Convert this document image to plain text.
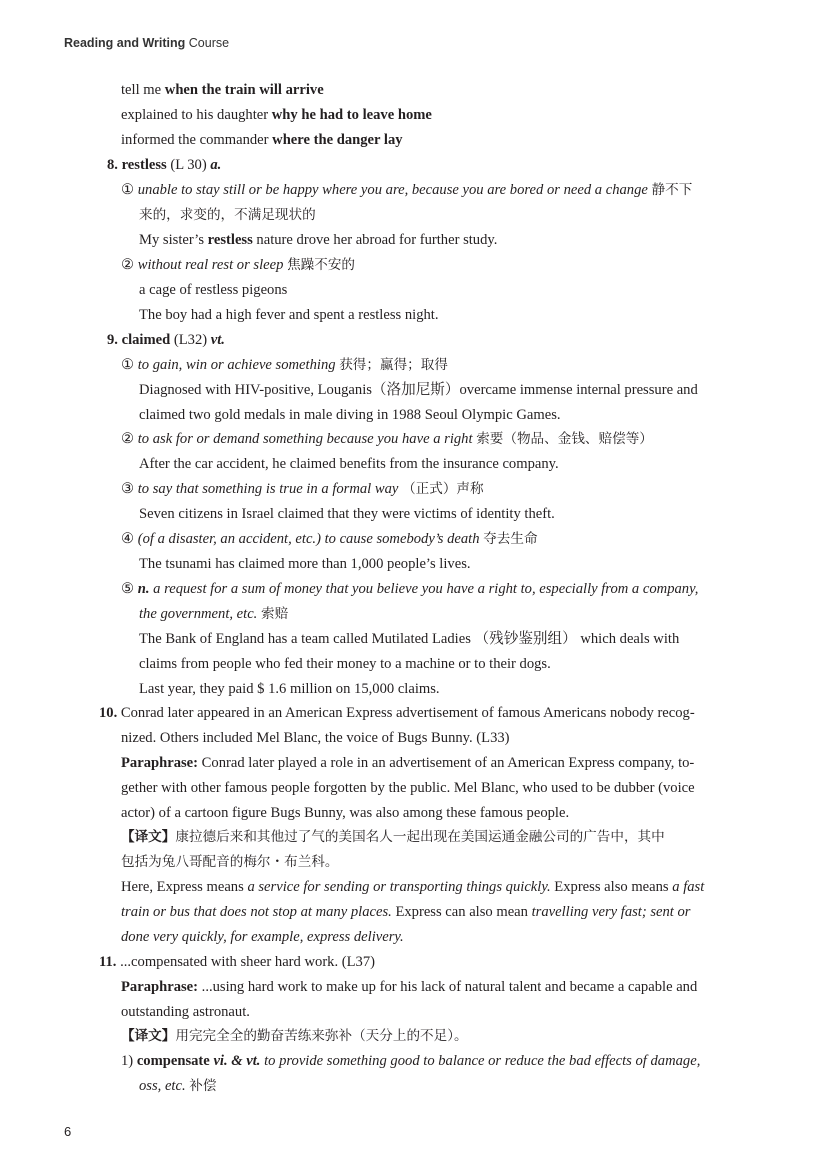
Reading and Writing Course
tell me when the train will arrive
explained to his daughter why he had to leave home
informed the commander where the danger lay
8. restless (L 30) a.
① unable to stay still or be happy where you are, because you are bored or need a change 静不下
来的，求变的，不满足现状的
My sister’s restless nature drove her abroad for further study.
② without real rest or sleep 焦躁不安的
a cage of restless pigeons
The boy had a high fever and spent a restless night.
9. claimed (L32) vt.
① to gain, win or achieve something 获得；赢得；取得
Diagnosed with HIV-positive, Louganis（洛加尼斯）overcame immense internal pressure and
claimed two gold medals in male diving in 1988 Seoul Olympic Games.
② to ask for or demand something because you have a right 索要（物品、金钱、赔偿等）
After the car accident, he claimed benefits from the insurance company.
③ to say that something is true in a formal way （正式）声称
Seven citizens in Israel claimed that they were victims of identity theft.
④ (of a disaster, an accident, etc.) to cause somebody’s death 夺去生命
The tsunami has claimed more than 1,000 people’s lives.
⑤ n. a request for a sum of money that you believe you have a right to, especially from a company,
the government, etc. 索赔
The Bank of England has a team called Mutilated Ladies （残钞鉴别组） which deals with
claims from people who fed their money to a machine or to their dogs.
Last year, they paid $ 1.6 million on 15,000 claims.
10. Conrad later appeared in an American Express advertisement of famous Americans nobody recog-
nized. Others included Mel Blanc, the voice of Bugs Bunny. (L33)
Paraphrase: Conrad later played a role in an advertisement of an American Express company, to-
gether with other famous people forgotten by the public. Mel Blanc, who used to be dubber (voice
actor) of a cartoon figure Bugs Bunny, was also among these famous people.
【译文】康拉德后来和其他过了气的美国名人一起出现在美国运通金融公司的广告中，其中
包括为兔八哥配音的梅尔・布兰科。
Here, Express means a service for sending or transporting things quickly. Express also means a fast
train or bus that does not stop at many places. Express can also mean travelling very fast; sent or
done very quickly, for example, express delivery.
11. ...compensated with sheer hard work. (L37)
Paraphrase: ...using hard work to make up for his lack of natural talent and became a capable and
outstanding astronaut.
【译文】用完完全全的勤奋苦练来弥补（天分上的不足）。
1) compensate vi. & vt. to provide something good to balance or reduce the bad effects of damage,
oss, etc. 补偿
6
